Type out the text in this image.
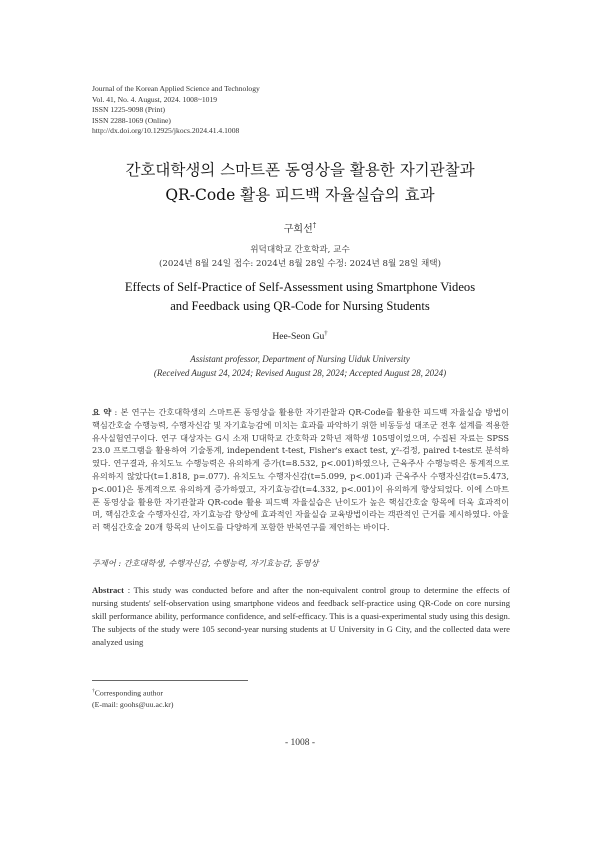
Journal of the Korean Applied Science and Technology
Vol. 41, No. 4. August, 2024. 1008~1019
ISSN 1225-9098 (Print)
ISSN 2288-1069 (Online)
http://dx.doi.org/10.12925/jkocs.2024.41.4.1008
간호대학생의 스마트폰 동영상을 활용한 자기관찰과
QR-Code 활용 피드백 자율실습의 효과
구희선†
위덕대학교 간호학과, 교수
(2024년 8월 24일 접수: 2024년 8월 28일 수정: 2024년 8월 28일 채택)
Effects of Self-Practice of Self-Assessment using Smartphone Videos
and Feedback using QR-Code for Nursing Students
Hee-Seon Gu†
Assistant professor, Department of Nursing Uiduk University
(Received August 24, 2024; Revised August 28, 2024; Accepted August 28, 2024)
요 약 : 본 연구는 간호대학생의 스마트폰 동영상을 활용한 자기관찰과 QR-Code를 활용한 피드백 자율실습 방법이 핵심간호술 수행능력, 수행자신감 및 자기효능감에 미치는 효과를 파악하기 위한 비동등성 대조군 전후 설계를 적용한 유사실험연구이다. 연구 대상자는 G시 소재 U대학교 간호학과 2학년 재학생 105명이었으며, 수집된 자료는 SPSS 23.0 프로그램을 활용하여 기술통계, independent t-test, Fisher's exact test, χ²-검정, paired t-test로 분석하였다. 연구결과, 유치도뇨 수행능력은 유의하게 증가(t=8.532, p<.001)하였으나, 근육주사 수행능력은 통계적으로 유의하지 않았다(t=1.818, p=.077). 유치도뇨 수행자신감(t=5.099, p<.001)과 근육주사 수행자신감(t=5.473, p<.001)은 통계적으로 유의하게 증가하였고, 자기효능감(t=4.332, p<.001)이 유의하게 향상되었다. 이에 스마트폰 동영상을 활용한 자기관찰과 QR-code 활용 피드백 자율실습은 난이도가 높은 핵심간호술 항목에 더욱 효과적이며, 핵심간호술 수행자신감, 자기효능감 향상에 효과적인 자율실습 교육방법이라는 객관적인 근거를 제시하였다. 아울러 핵심간호술 20개 항목의 난이도를 다양하게 포함한 반복연구를 제언하는 바이다.
주제어 : 간호대학생, 수행자신감, 수행능력, 자기효능감, 동영상
Abstract : This study was conducted before and after the non-equivalent control group to determine the effects of nursing students' self-observation using smartphone videos and feedback self-practice using QR-Code on core nursing skill performance ability, performance confidence, and self-efficacy. This is a quasi-experimental study using this design. The subjects of the study were 105 second-year nursing students at U University in G City, and the collected data were analyzed using
†Corresponding author
(E-mail: goohs@uu.ac.kr)
- 1008 -
